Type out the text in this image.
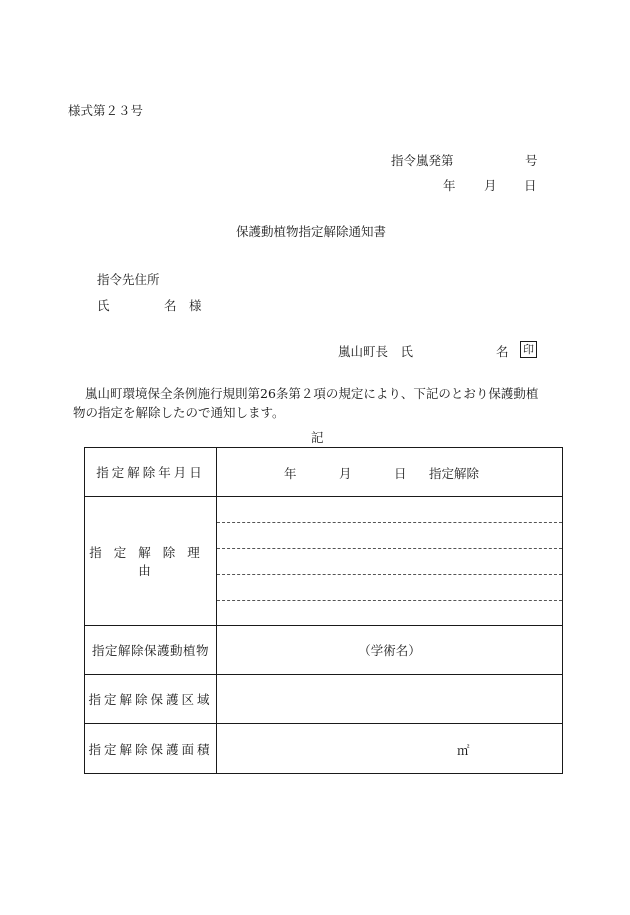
様式第２３号
指令嵐発第	号
年 月 日
保護動植物指定解除通知書
指令先住所
氏	名 様
嵐山町長　氏	名 印
嵐山町環境保全条例施行規則第26条第２項の規定により、下記のとおり保護動植
物の指定を解除したので通知します。
記
指定解除年月日	年 月 日 指定解除

指定解除理由	

指定解除保護動植物	（学術名）
指定解除保護区域	
指定解除保護面積	㎡
